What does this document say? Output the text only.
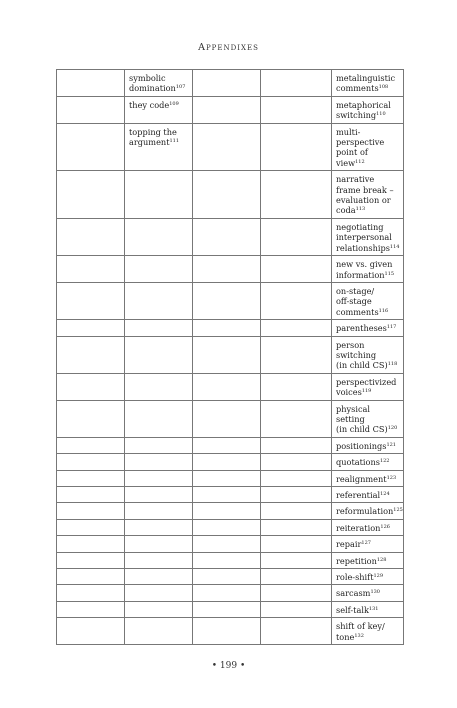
Appendixes
	symbolic
domination$^{107}$			metalinguistic
comments$^{108}$
	they code$^{109}$			metaphorical
switching$^{110}$
	topping the
argument$^{111}$			multi-
perspective
point of view$^{112}$
				narrative
frame break –
evaluation or
coda$^{113}$
				negotiating
interpersonal
relationships$^{114}$
				new vs. given
information$^{115}$
				on-stage/
off-stage
comments$^{116}$
				parentheses$^{117}$
				person
switching
(in child CS)$^{118}$
				perspectivized
voices$^{119}$
				physical setting
(in child CS)$^{120}$
				positionings$^{121}$
				quotations$^{122}$
				realignment$^{123}$
				referential$^{124}$
				reformulation$^{125}$
				reiteration$^{126}$
				repair$^{127}$
				repetition$^{128}$
				role-shift$^{129}$
				sarcasm$^{130}$
				self-talk$^{131}$
				shift of key/
tone$^{132}$
• 199 •
